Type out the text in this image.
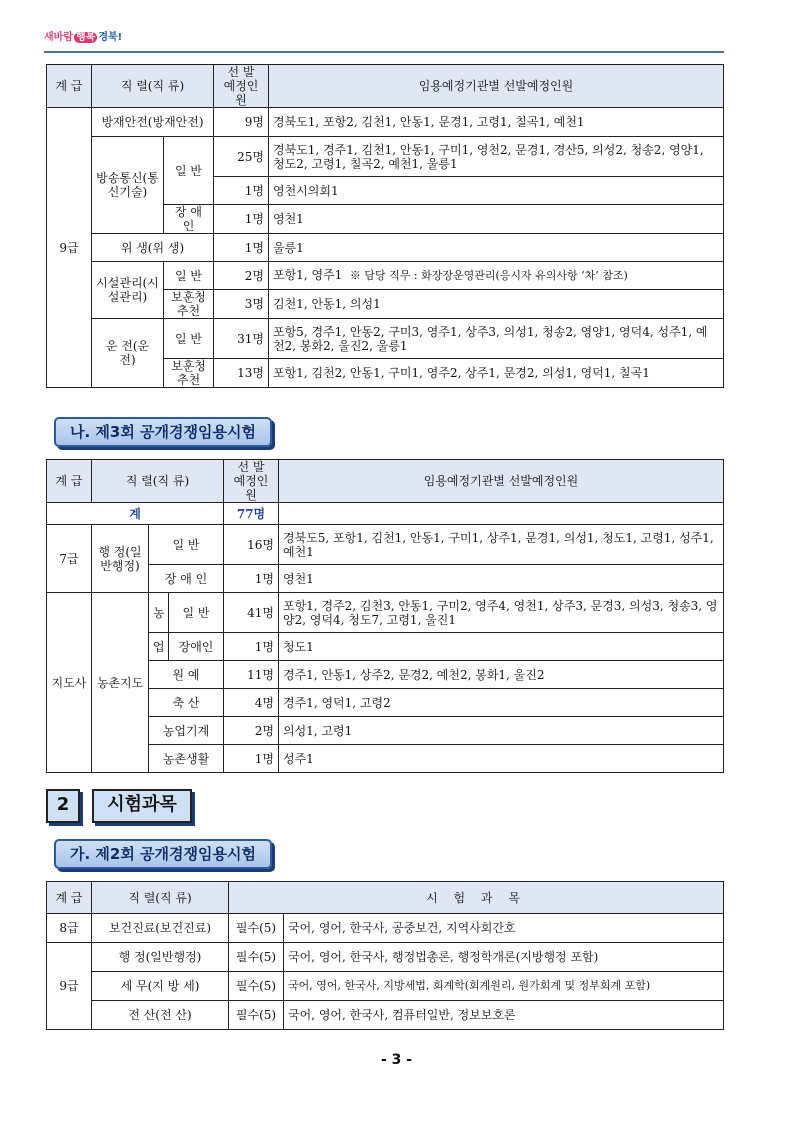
새바람 행복 경북!
계 급	직 렬(직 류)		선 발
예정인원	임용예정기관별 선발예정인원
9급	방재안전(방재안전)		9명	경북도1, 포항2, 김천1, 안동1, 문경1, 고령1, 칠곡1, 예천1
	방송통신(통신기술)	일 반	25명	경북도1, 경주1, 김천1, 안동1, 구미1, 영천2, 문경1, 경산5, 의성2, 청송2, 영양1, 청도2, 고령1, 칠곡2, 예천1, 울릉1
			1명	영천시의회1
		장 애 인	1명	영천1
	위 생(위 생)		1명	울릉1
	시설관리(시설관리)	일 반	2명	포항1, 영주1 ※ 담당 직무 : 화장장운영관리(응시자 유의사항 ‘차’ 참조)
		보훈청추천	3명	김천1, 안동1, 의성1
	운 전(운 전)	일 반	31명	포항5, 경주1, 안동2, 구미3, 영주1, 상주3, 의성1, 청송2, 영양1, 영덕4, 성주1, 예천2, 봉화2, 울진2, 울릉1
		보훈청추천	13명	포항1, 김천2, 안동1, 구미1, 영주2, 상주1, 문경2, 의성1, 영덕1, 칠곡1
나. 제3회 공개경쟁임용시험
계 급	직 렬(직 류)			선 발
예정인원	임용예정기관별 선발예정인원
계				77명	
7급	행 정(일반행정)	일 반		16명	경북도5, 포항1, 김천1, 안동1, 구미1, 상주1, 문경1, 의성1, 청도1, 고령1, 성주1, 예천1
		장 애 인		1명	영천1
지도사	농촌지도	농	일 반	41명	포항1, 경주2, 김천3, 안동1, 구미2, 영주4, 영천1, 상주3, 문경3, 의성3, 청송3, 영양2, 영덕4, 청도7, 고령1, 울진1
		업	장애인	1명	청도1
		원 예		11명	경주1, 안동1, 상주2, 문경2, 예천2, 봉화1, 울진2
		축 산		4명	경주1, 영덕1, 고령2
		농업기계		2명	의성1, 고령1
		농촌생활		1명	성주1
2	시험과목
가. 제2회 공개경쟁임용시험
계 급	직 렬(직 류)	시 험 과 목	
8급	보건진료(보건진료)	필수(5)	국어, 영어, 한국사, 공중보건, 지역사회간호
9급	행 정(일반행정)	필수(5)	국어, 영어, 한국사, 행정법총론, 행정학개론(지방행정 포함)
	세 무(지 방 세)	필수(5)	국어, 영어, 한국사, 지방세법, 회계학(회계원리, 원가회계 및 정부회계 포함)
	전 산(전 산)	필수(5)	국어, 영어, 한국사, 컴퓨터일반, 정보보호론
- 3 -
